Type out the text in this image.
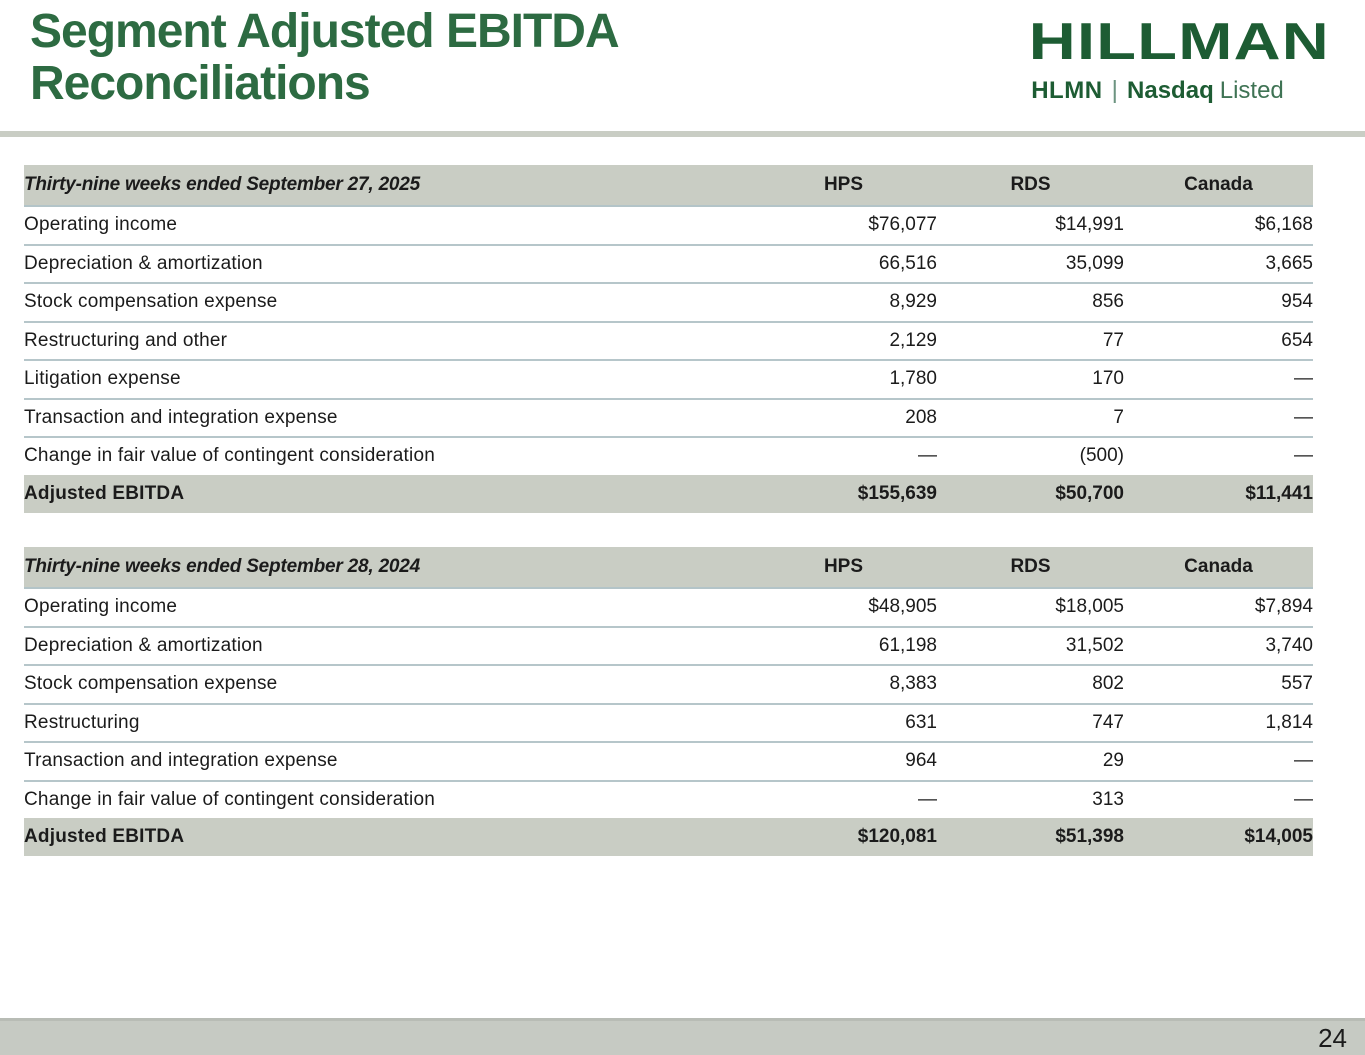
Segment Adjusted EBITDA Reconciliations
HILLMAN
HLMN | Nasdaq Listed
Thirty-nine weeks ended September 27, 2025	HPS	RDS	Canada
Operating income	$76,077	$14,991	$6,168
Depreciation & amortization	66,516	35,099	3,665
Stock compensation expense	8,929	856	954
Restructuring and other	2,129	77	654
Litigation expense	1,780	170	—
Transaction and integration expense	208	7	—
Change in fair value of contingent consideration	—	(500)	—
Adjusted EBITDA	$155,639	$50,700	$11,441
Thirty-nine weeks ended September 28, 2024	HPS	RDS	Canada
Operating income	$48,905	$18,005	$7,894
Depreciation & amortization	61,198	31,502	3,740
Stock compensation expense	8,383	802	557
Restructuring	631	747	1,814
Transaction and integration expense	964	29	—
Change in fair value of contingent consideration	—	313	—
Adjusted EBITDA	$120,081	$51,398	$14,005
24
